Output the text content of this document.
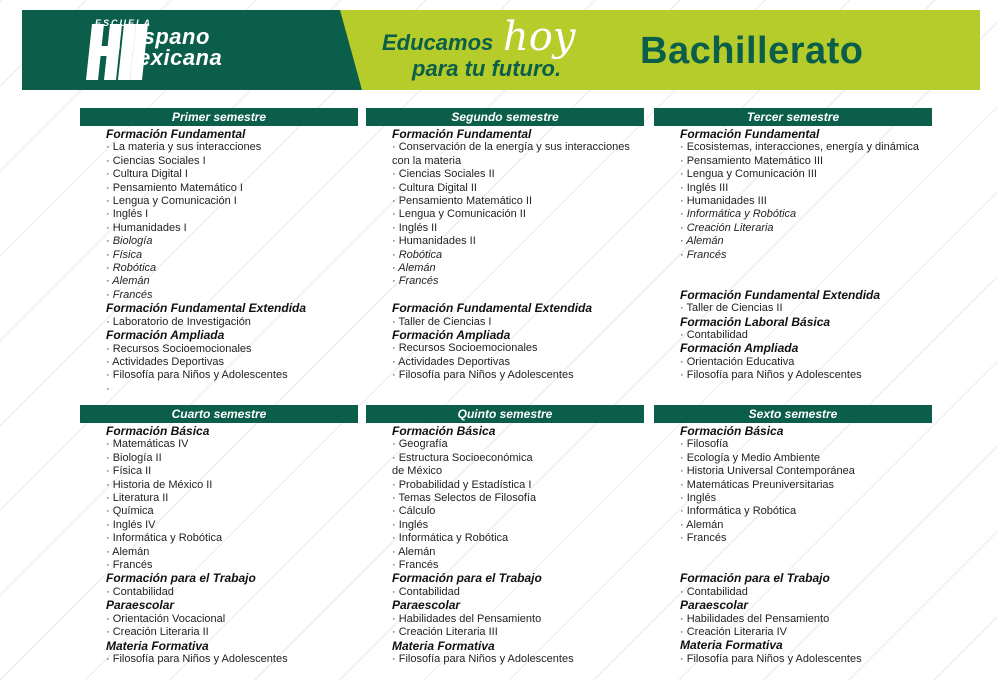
ESCUELA
ispano
exicana
Educamos hoy
para tu futuro. Bachillerato
Primer semestre
Formación Fundamental
· La materia y sus interacciones
· Ciencias Sociales I
· Cultura Digital I
· Pensamiento Matemático I
· Lengua y Comunicación I
· Inglés I
· Humanidades I
· Biología
· Física
· Robótica
· Alemán
· Francés
Formación Fundamental Extendida
· Laboratorio de Investigación
Formación Ampliada
· Recursos Socioemocionales
· Actividades Deportivas
· Filosofía para Niños y Adolescentes
·
Segundo semestre
Formación Fundamental
· Conservación de la energía y sus interacciones con la materia
· Ciencias Sociales II
· Cultura Digital II
· Pensamiento Matemático II
· Lengua y Comunicación II
· Inglés II
· Humanidades II
· Robótica
· Alemán
· Francés
Formación Fundamental Extendida
· Taller de Ciencias I
Formación Ampliada
· Recursos Socioemocionales
· Actividades Deportivas
· Filosofía para Niños y Adolescentes
Tercer semestre
Formación Fundamental
· Ecosistemas, interacciones, energía y dinámica
· Pensamiento Matemático III
· Lengua y Comunicación III
· Inglés III
· Humanidades III
· Informática y Robótica
· Creación Literaria
· Alemán
· Francés
Formación Fundamental Extendida
· Taller de Ciencias II
Formación Laboral Básica
· Contabilidad
Formación Ampliada
· Orientación Educativa
· Filosofía para Niños y Adolescentes
Cuarto semestre
Formación Básica
· Matemáticas IV
· Biología II
· Física II
· Historia de México II
· Literatura II
· Química
· Inglés IV
· Informática y Robótica
· Alemán
· Francés
Formación para el Trabajo
· Contabilidad
Paraescolar
· Orientación Vocacional
· Creación Literaria II
Materia Formativa
· Filosofía para Niños y Adolescentes
Quinto semestre
Formación Básica
· Geografía
· Estructura Socioeconómica
de México
· Probabilidad y Estadística I
· Temas Selectos de Filosofía
· Cálculo
· Inglés
· Informática y Robótica
· Alemán
· Francés
Formación para el Trabajo
· Contabilidad
Paraescolar
· Habilidades del Pensamiento
· Creación Literaria III
Materia Formativa
· Filosofía para Niños y Adolescentes
Sexto semestre
Formación Básica
· Filosofía
· Ecología y Medio Ambiente
· Historia Universal Contemporánea
· Matemáticas Preuniversitarias
· Inglés
· Informática y Robótica
· Alemán
· Francés
Formación para el Trabajo
· Contabilidad
Paraescolar
· Habilidades del Pensamiento
· Creación Literaria IV
Materia Formativa
· Filosofía para Niños y Adolescentes
